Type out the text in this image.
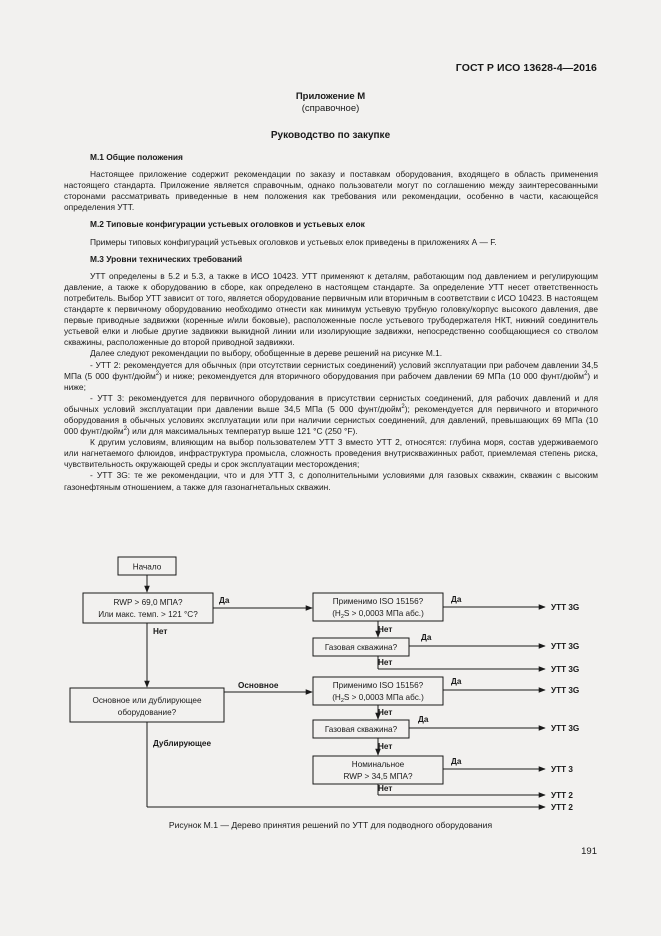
ГОСТ Р ИСО 13628-4—2016
Приложение М
(справочное)
Руководство по закупке
М.1 Общие положения

Настоящее приложение содержит рекомендации по заказу и поставкам оборудования, входящего в область применения настоящего стандарта. Приложение является справочным, однако пользователи могут по соглашению между заинтересованными сторонами рассматривать приведенные в нем положения как требования или рекомендации, особенно в части, касающейся определения УТТ.

М.2 Типовые конфигурации устьевых оголовков и устьевых елок

Примеры типовых конфигураций устьевых оголовков и устьевых елок приведены в приложениях А — F.

М.3 Уровни технических требований

УТТ определены в 5.2 и 5.3, а также в ИСО 10423. УТТ применяют к деталям, работающим под давлением и регулирующим давление, а также к оборудованию в сборе, как определено в настоящем стандарте. За определение УТТ несет ответственность потребитель. Выбор УТТ зависит от того, является оборудование первичным или вторичным в соответствии с ИСО 10423. В настоящем стандарте к первичному оборудованию необходимо отнести как минимум устьевую трубную головку/корпус высокого давления, две первые приводные задвижки (коренные и/или боковые), расположенные после устьевого трубодержателя НКТ, нижний соединитель устьевой елки и любые другие задвижки выкидной линии или изолирующие задвижки, непосредственно сообщающиеся со стволом скважины, расположенные до второй приводной задвижки.

Далее следуют рекомендации по выбору, обобщенные в дереве решений на рисунке М.1.

- УТТ 2: рекомендуется для обычных (при отсутствии сернистых соединений) условий эксплуатации при рабочем давлении 34,5 МПа (5 000 фунт/дюйм$^2$) и ниже; рекомендуется для вторичного оборудования при рабочем давлении 69 МПа (10 000 фунт/дюйм$^2$) и ниже;

- УТТ 3: рекомендуется для первичного оборудования в присутствии сернистых соединений, для рабочих давлений и для обычных условий эксплуатации при давлении выше 34,5 МПа (5 000 фунт/дюйм$^2$); рекомендуется для первичного и вторичного оборудования в обычных условиях эксплуатации или при наличии сернистых соединений, для давлений, превышающих 69 МПа (10 000 фунт/дюйм$^2$) или для максимальных температур выше 121 °С (250 °F).

К другим условиям, влияющим на выбор пользователем УТТ 3 вместо УТТ 2, относятся: глубина моря, состав удерживаемого или нагнетаемого флюидов, инфраструктура промысла, сложность проведения внутрискважинных работ, приемлемая степень риска, чувствительность окружающей среды и срок эксплуатации месторождения;

- УТТ 3G: те же рекомендации, что и для УТТ 3, с дополнительными условиями для газовых скважин, скважин с высоким газонефтяным отношением, а также для газонагнетальных скважин.

Начало
RWP > 69,0 МПА?
Или макс. темп. > 121 °С?
Да
Нет
Основное или дублирующее
оборудование?
Основное
Дублирующее
Применимо ISO 15156?
($H_2S > 0,0003$ МПа абс.)
Да
Нет
Газовая скважина?
Да
Нет
Применимо ISO 15156?
($H_2S > 0,0003$ МПа абс.)
Да
Нет
Газовая скважина?
Да
Нет
Номинальное
RWP > 34,5 МПА?
Да
Нет
УТТ 3G
УТТ 3G
УТТ 3G
УТТ 3G
УТТ 3G
УТТ 3
УТТ 2
УТТ 2
Рисунок М.1 — Дерево принятия решений по УТТ для подводного оборудования
191
